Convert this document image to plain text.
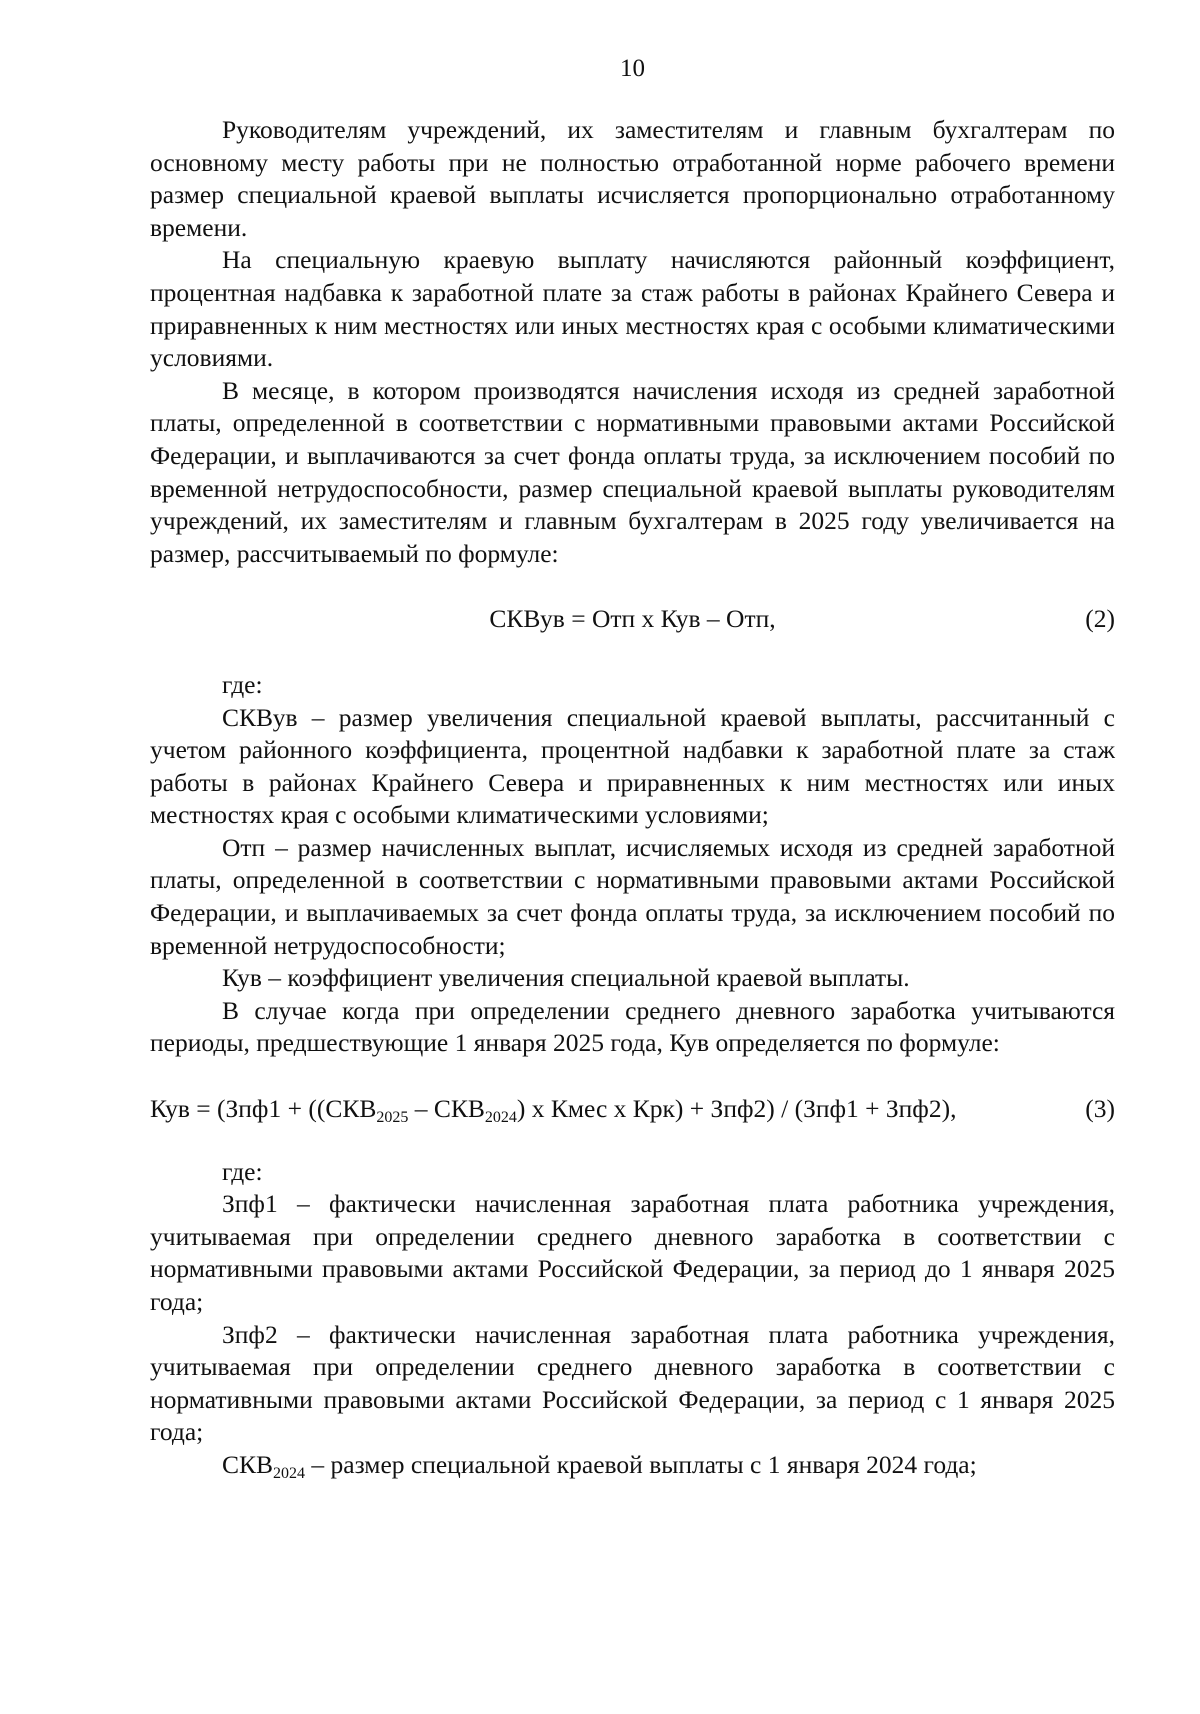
10

Руководителям учреждений, их заместителям и главным бухгалтерам по основному месту работы при не полностью отработанной норме рабочего времени размер специальной краевой выплаты исчисляется пропорционально отработанному времени.

На специальную краевую выплату начисляются районный коэффициент, процентная надбавка к заработной плате за стаж работы в районах Крайнего Севера и приравненных к ним местностях или иных местностях края с особыми климатическими условиями.

В месяце, в котором производятся начисления исходя из средней заработной платы, определенной в соответствии с нормативными правовыми актами Российской Федерации, и выплачиваются за счет фонда оплаты труда, за исключением пособий по временной нетрудоспособности, размер специальной краевой выплаты руководителям учреждений, их заместителям и главным бухгалтерам в 2025 году увеличивается на размер, рассчитываемый по формуле:

СКВув = Отп х Кув – Отп,	(2)

где:

СКВув – размер увеличения специальной краевой выплаты, рассчитанный с учетом районного коэффициента, процентной надбавки к заработной плате за стаж работы в районах Крайнего Севера и приравненных к ним местностях или иных местностях края с особыми климатическими условиями;

Отп – размер начисленных выплат, исчисляемых исходя из средней заработной платы, определенной в соответствии с нормативными правовыми актами Российской Федерации, и выплачиваемых за счет фонда оплаты труда, за исключением пособий по временной нетрудоспособности;

Кув – коэффициент увеличения специальной краевой выплаты.

В случае когда при определении среднего дневного заработка учитываются периоды, предшествующие 1 января 2025 года, Кув определяется по формуле:

Кув = ($Зпф1 + ((СКВ_{2025} - СКВ_{2024})$ х Кмес х Крк) + Зпф2) / (Зпф1 + Зпф2),	(3)

где:

Зпф1 – фактически начисленная заработная плата работника учреждения, учитываемая при определении среднего дневного заработка в соответствии с нормативными правовыми актами Российской Федерации, за период до 1 января 2025 года;

Зпф2 – фактически начисленная заработная плата работника учреждения, учитываемая при определении среднего дневного заработка в соответствии с нормативными правовыми актами Российской Федерации, за период с 1 января 2025 года;

$СКВ_{2024}$ – размер специальной краевой выплаты с 1 января 2024 года;
